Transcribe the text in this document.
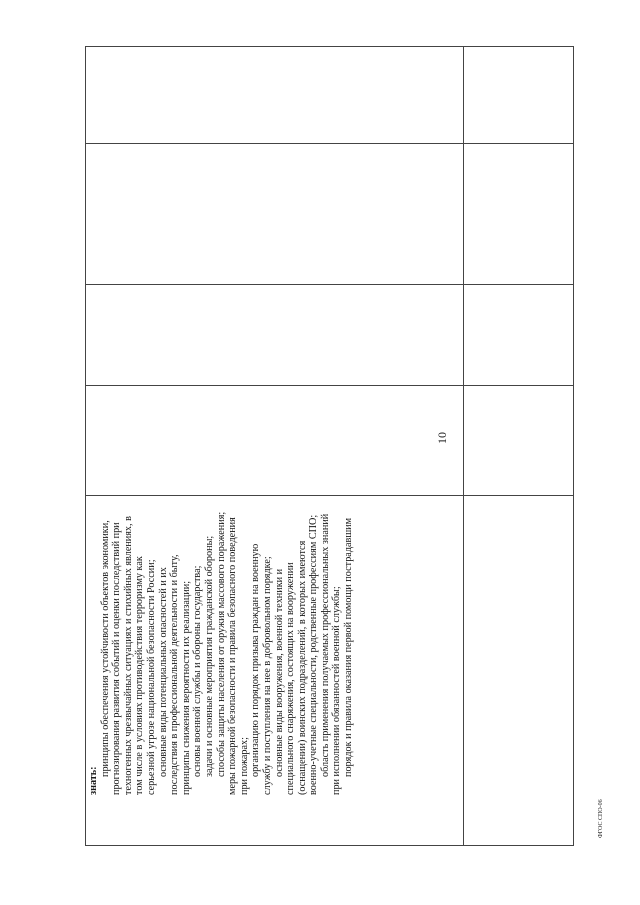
10
знать:

принципы обеспечения устойчивости объектов экономики, прогнозирования развития событий и оценки последствий при техногенных чрезвычайных ситуациях и стихийных явлениях, в том числе в условиях противодействия терроризму как серьезной угрозе национальной безопасности России; основные виды потенциальных опасностей и их последствия в профессиональной деятельности и быту, принципы снижения вероятности их реализации; основы военной службы и обороны государства; задачи и основные мероприятия гражданской обороны; способы защиты населения от оружия массового поражения; меры пожарной безопасности и правила безопасного поведения при пожарах; организацию и порядок призыва граждан на военную службу и поступления на нее в добровольном порядке; основные виды вооружения, военной техники и специального снаряжения, состоящих на вооружении (оснащении) воинских подразделений, в которых имеются военно-учетные специальности, родственные профессиям СПО; область применения получаемых профессиональных знаний при исполнении обязанностей военной службы; порядок и правила оказания первой помощи пострадавшим

ФГОС СПО-06
